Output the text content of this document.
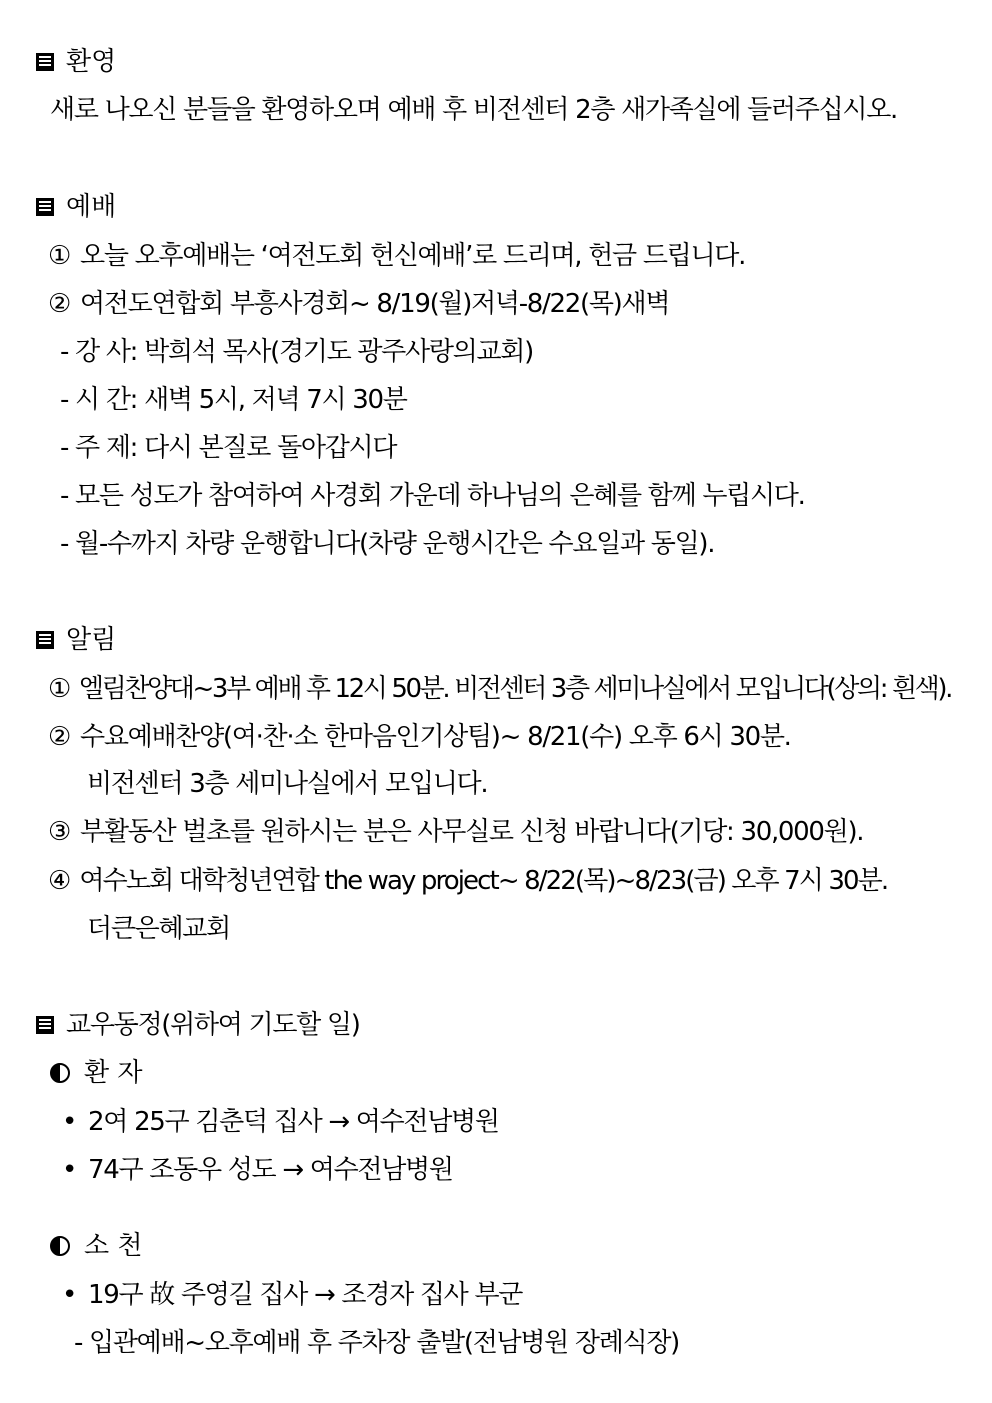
환영
새로 나오신 분들을 환영하오며 예배 후 비전센터 2층 새가족실에 들러주십시오.
예배
① 오늘 오후예배는 ‘여전도회 헌신예배’로 드리며, 헌금 드립니다.
② 여전도연합회 부흥사경회~ 8/19(월)저녁-8/22(목)새벽
- 강 사: 박희석 목사(경기도 광주사랑의교회)
- 시 간: 새벽 5시, 저녁 7시 30분
- 주 제: 다시 본질로 돌아갑시다
- 모든 성도가 참여하여 사경회 가운데 하나님의 은혜를 함께 누립시다.
- 월-수까지 차량 운행합니다(차량 운행시간은 수요일과 동일).
알림
① 엘림찬양대~3부 예배 후 12시 50분. 비전센터 3층 세미나실에서 모입니다(상의: 흰색).
② 수요예배찬양(여·찬·소 한마음인기상팀)~ 8/21(수) 오후 6시 30분.
비전센터 3층 세미나실에서 모입니다.
③ 부활동산 벌초를 원하시는 분은 사무실로 신청 바랍니다(기당: 30,000원).
④ 여수노회 대학청년연합 the way project~ 8/22(목)~8/23(금) 오후 7시 30분.
더큰은혜교회
교우동정(위하여 기도할 일)
환 자
• 2여 25구 김춘덕 집사 → 여수전남병원
• 74구 조동우 성도 → 여수전남병원
소 천
• 19구 故 주영길 집사 → 조경자 집사 부군
- 입관예배~오후예배 후 주차장 출발(전남병원 장례식장)
